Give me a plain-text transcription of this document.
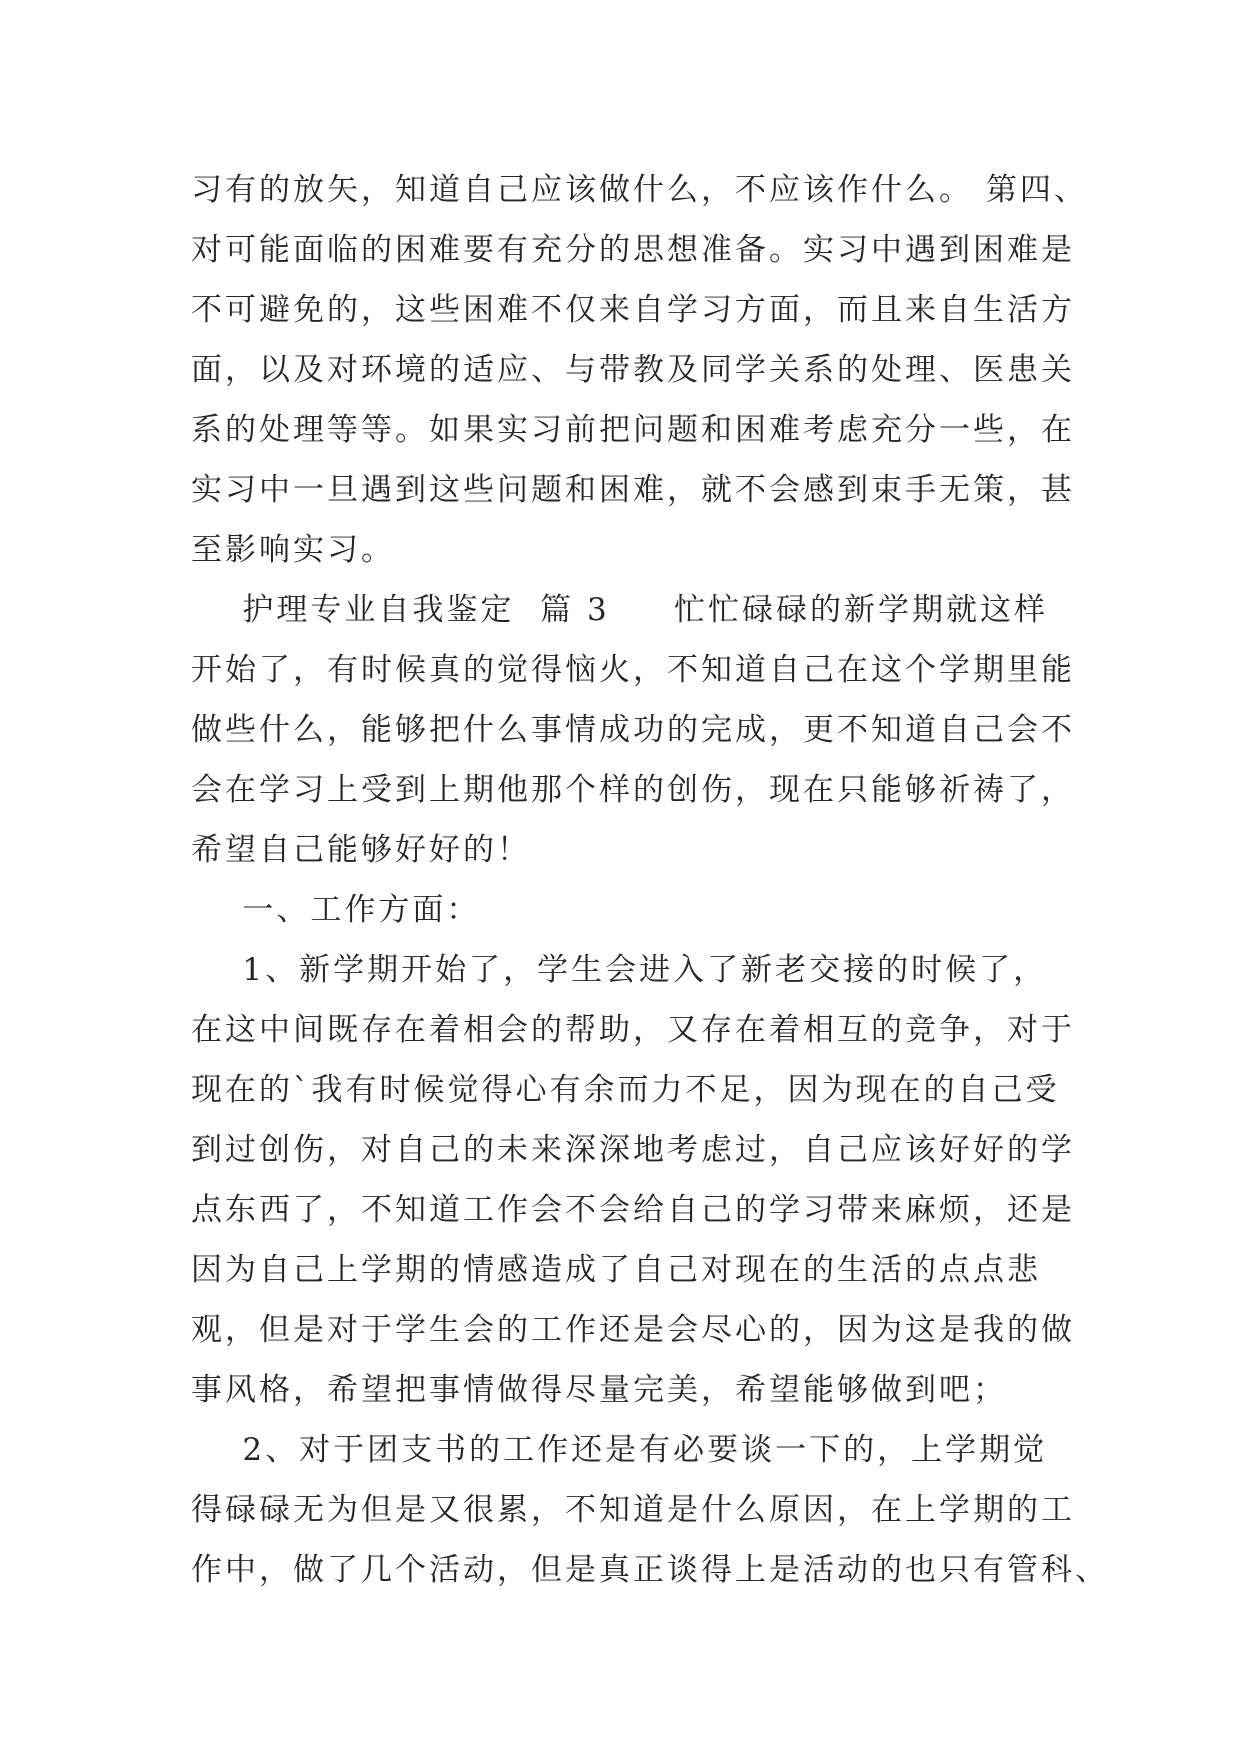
习有的放矢，知道自己应该做什么，不应该作什么。 第四、
对可能面临的困难要有充分的思想准备。实习中遇到困难是
不可避免的，这些困难不仅来自学习方面，而且来自生活方
面，以及对环境的适应、与带教及同学关系的处理、医患关
系的处理等等。如果实习前把问题和困难考虑充分一些，在
实习中一旦遇到这些问题和困难，就不会感到束手无策，甚
至影响实习。
护理专业自我鉴定  篇 3     忙忙碌碌的新学期就这样
开始了，有时候真的觉得恼火，不知道自己在这个学期里能
做些什么，能够把什么事情成功的完成，更不知道自己会不
会在学习上受到上期他那个样的创伤，现在只能够祈祷了，
希望自己能够好好的！
一、工作方面：
1、新学期开始了，学生会进入了新老交接的时候了，
在这中间既存在着相会的帮助，又存在着相互的竞争，对于
现在的`我有时候觉得心有余而力不足，因为现在的自己受
到过创伤，对自己的未来深深地考虑过，自己应该好好的学
点东西了，不知道工作会不会给自己的学习带来麻烦，还是
因为自己上学期的情感造成了自己对现在的生活的点点悲
观，但是对于学生会的工作还是会尽心的，因为这是我的做
事风格，希望把事情做得尽量完美，希望能够做到吧；
2、对于团支书的工作还是有必要谈一下的，上学期觉
得碌碌无为但是又很累，不知道是什么原因，在上学期的工
作中，做了几个活动，但是真正谈得上是活动的也只有管科、
